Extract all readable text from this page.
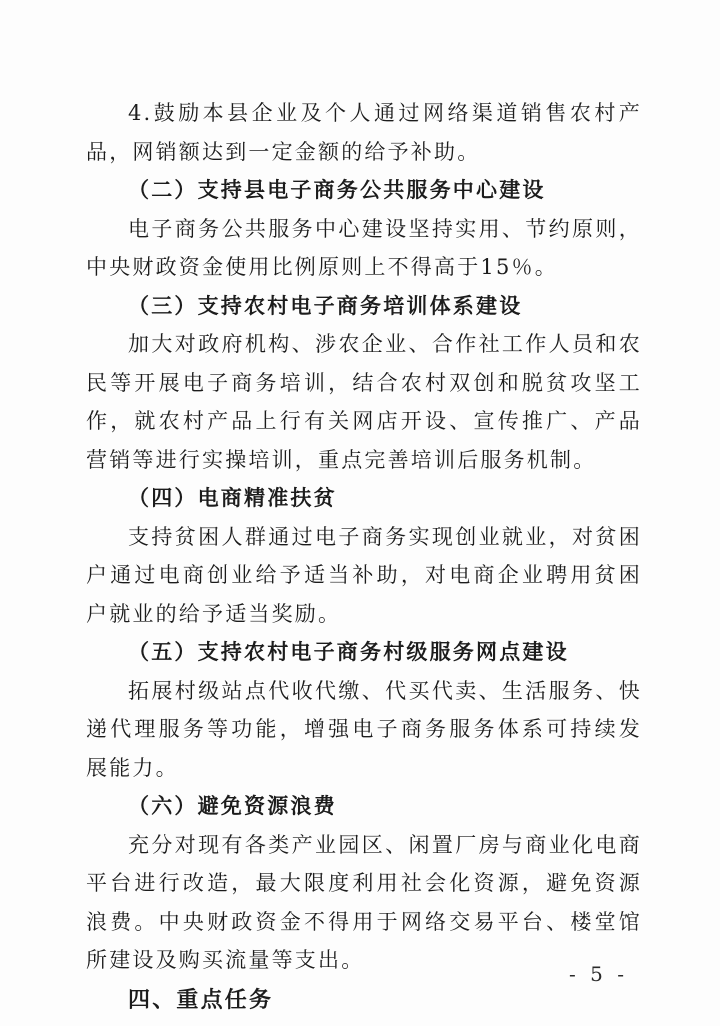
4.鼓励本县企业及个人通过网络渠道销售农村产品，网销额达到一定金额的给予补助。

（二）支持县电子商务公共服务中心建设

电子商务公共服务中心建设坚持实用、节约原则，中央财政资金使用比例原则上不得高于15％。

（三）支持农村电子商务培训体系建设

加大对政府机构、涉农企业、合作社工作人员和农民等开展电子商务培训，结合农村双创和脱贫攻坚工作，就农村产品上行有关网店开设、宣传推广、产品营销等进行实操培训，重点完善培训后服务机制。

（四）电商精准扶贫

支持贫困人群通过电子商务实现创业就业，对贫困户通过电商创业给予适当补助，对电商企业聘用贫困户就业的给予适当奖励。

（五）支持农村电子商务村级服务网点建设

拓展村级站点代收代缴、代买代卖、生活服务、快递代理服务等功能，增强电子商务服务体系可持续发展能力。

（六）避免资源浪费

充分对现有各类产业园区、闲置厂房与商业化电商平台进行改造，最大限度利用社会化资源，避免资源浪费。中央财政资金不得用于网络交易平台、楼堂馆所建设及购买流量等支出。

四、重点任务

- 5 -
